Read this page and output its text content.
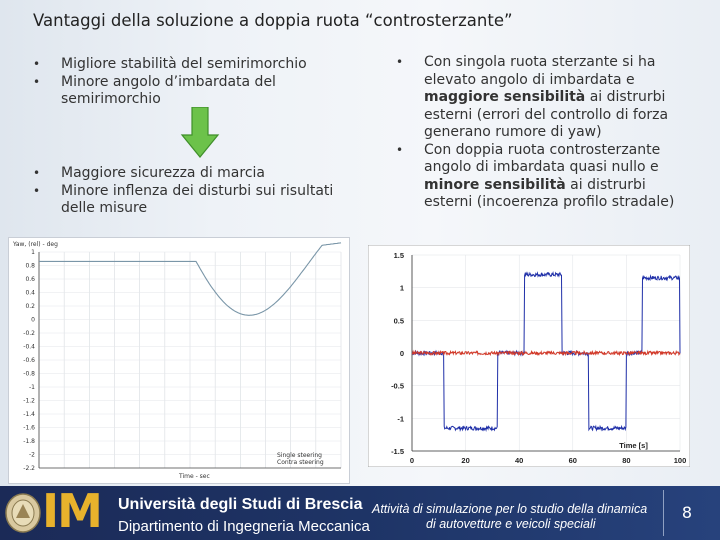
Vantaggi della soluzione a doppia ruota “controsterzante”
• Migliore stabilità del semirimorchio
• Minore angolo d’imbardata del semirimorchio
• Maggiore sicurezza di marcia
• Minore inflenza dei disturbi sui risultati delle misure
• Con singola ruota sterzante si ha elevato angolo di imbardata e maggiore sensibilità ai distrurbi esterni (errori del controllo di forza generano rumore di yaw)
• Con doppia ruota controsterzante angolo di imbardata quasi nullo e minore sensibilità ai distrurbi esterni (incoerenza profilo stradale)
Yaw, (rel) - deg
1
0.8
0.6
0.4
0.2
0
-0.2
-0.4
-0.6
-0.8
-1
-1.2
-1.4
-1.6
-1.8
-2
-2.2
Time - sec
Single steering
Contra steering
1.5
1
0.5
0
-0.5
-1
-1.5
0	20	40	60	80	100
Time [s]
IM Università degli Studi di Brescia
Dipartimento di Ingegneria Meccanica
Attività di simulazione per lo studio della dinamica
di autovetture e veicoli speciali
8
